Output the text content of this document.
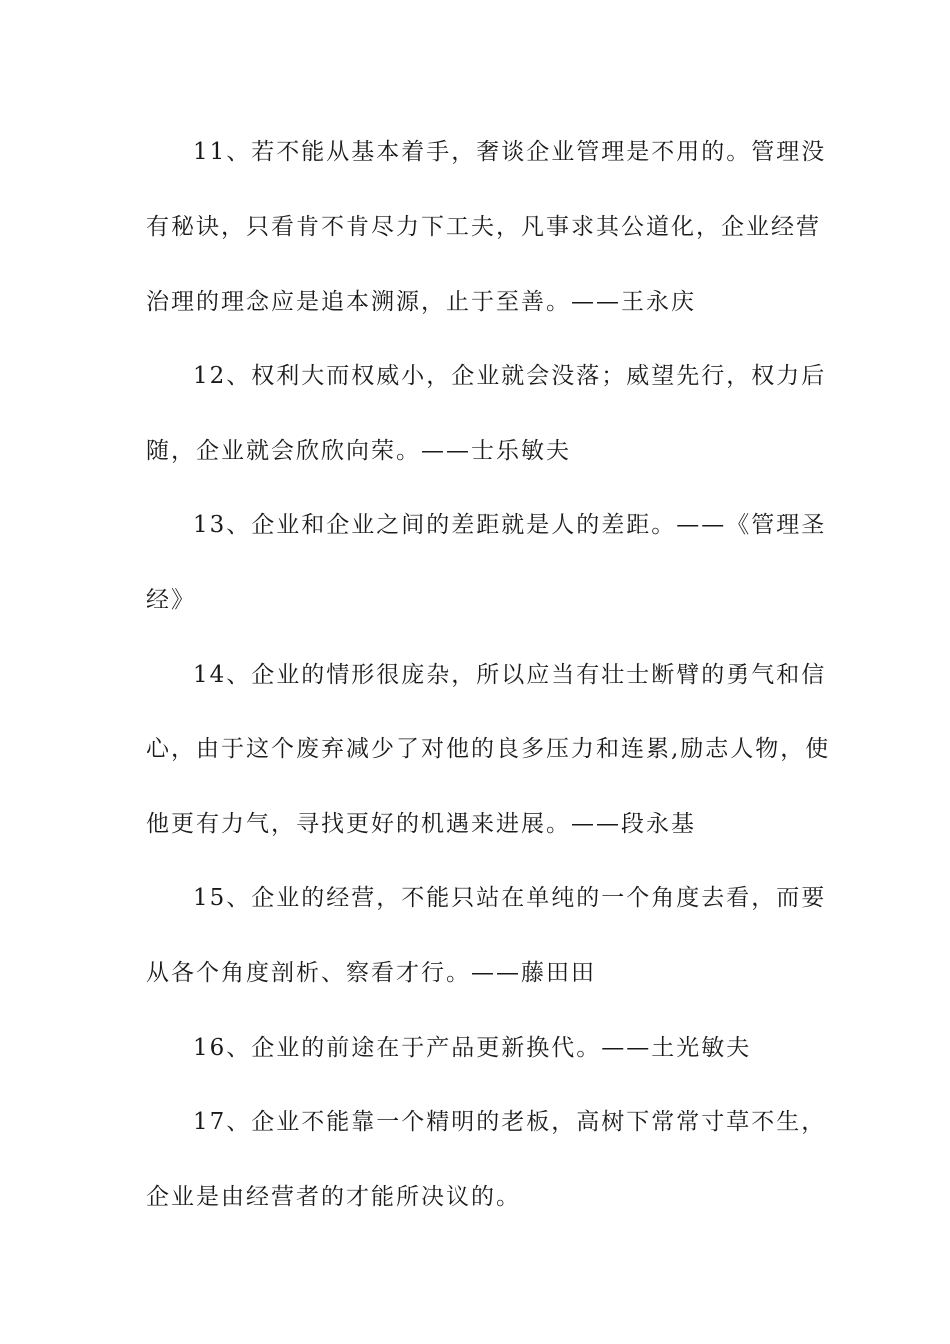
11、若不能从基本着手，奢谈企业管理是不用的。管理没
有秘诀，只看肯不肯尽力下工夫，凡事求其公道化，企业经营
治理的理念应是追本溯源，止于至善。——王永庆
12、权利大而权威小，企业就会没落；威望先行，权力后
随，企业就会欣欣向荣。——士乐敏夫
13、企业和企业之间的差距就是人的差距。——《管理圣
经》
14、企业的情形很庞杂，所以应当有壮士断臂的勇气和信
心，由于这个废弃减少了对他的良多压力和连累,励志人物，使
他更有力气，寻找更好的机遇来进展。——段永基
15、企业的经营，不能只站在单纯的一个角度去看，而要
从各个角度剖析、察看才行。——藤田田
16、企业的前途在于产品更新换代。——土光敏夫
17、企业不能靠一个精明的老板，高树下常常寸草不生，
企业是由经营者的才能所决议的。
